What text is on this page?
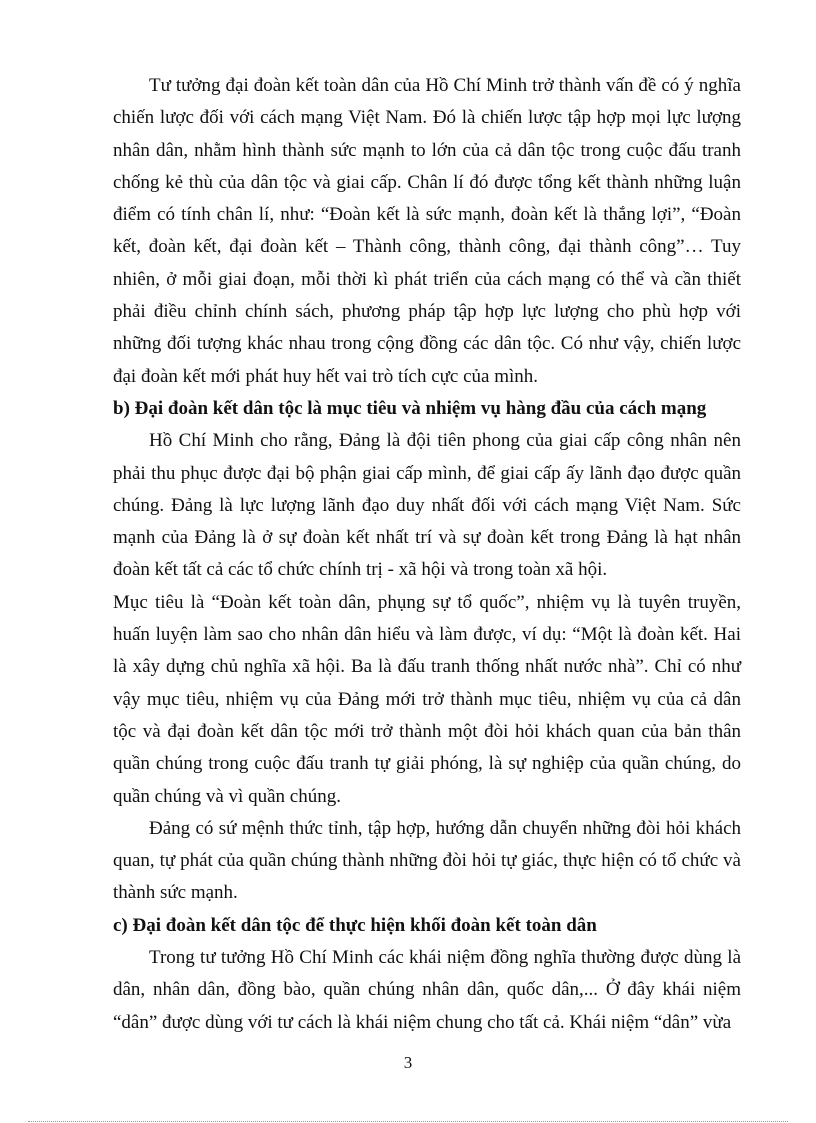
Tư tưởng đại đoàn kết toàn dân của Hồ Chí Minh trở thành vấn đề có ý nghĩa chiến lược đối với cách mạng Việt Nam. Đó là chiến lược tập hợp mọi lực lượng nhân dân, nhằm hình thành sức mạnh to lớn của cả dân tộc trong cuộc đấu tranh chống kẻ thù của dân tộc và giai cấp. Chân lí đó được tổng kết thành những luận điểm có tính chân lí, như: “Đoàn kết là sức mạnh, đoàn kết là thắng lợi”, “Đoàn kết, đoàn kết, đại đoàn kết – Thành công, thành công, đại thành công”… Tuy nhiên, ở mỗi giai đoạn, mỗi thời kì phát triển của cách mạng có thể và cần thiết phải điều chỉnh chính sách, phương pháp tập hợp lực lượng cho phù hợp với những đối tượng khác nhau trong cộng đồng các dân tộc. Có như vậy, chiến lược đại đoàn kết mới phát huy hết vai trò tích cực của mình.

b) Đại đoàn kết dân tộc là mục tiêu và nhiệm vụ hàng đầu của cách mạng

Hồ Chí Minh cho rằng, Đảng là đội tiên phong của giai cấp công nhân nên phải thu phục được đại bộ phận giai cấp mình, để giai cấp ấy lãnh đạo được quần chúng. Đảng là lực lượng lãnh đạo duy nhất đối với cách mạng Việt Nam. Sức mạnh của Đảng là ở sự đoàn kết nhất trí và sự đoàn kết trong Đảng là hạt nhân đoàn kết tất cả các tổ chức chính trị - xã hội và trong toàn xã hội.

Mục tiêu là “Đoàn kết toàn dân, phụng sự tổ quốc”, nhiệm vụ là tuyên truyền, huấn luyện làm sao cho nhân dân hiểu và làm được, ví dụ: “Một là đoàn kết. Hai là xây dựng chủ nghĩa xã hội. Ba là đấu tranh thống nhất nước nhà”. Chỉ có như vậy mục tiêu, nhiệm vụ của Đảng mới trở thành mục tiêu, nhiệm vụ của cả dân tộc và đại đoàn kết dân tộc mới trở thành một đòi hỏi khách quan của bản thân quần chúng trong cuộc đấu tranh tự giải phóng, là sự nghiệp của quần chúng, do quần chúng và vì quần chúng.

Đảng có sứ mệnh thức tỉnh, tập hợp, hướng dẫn chuyển những đòi hỏi khách quan, tự phát của quần chúng thành những đòi hỏi tự giác, thực hiện có tổ chức và thành sức mạnh.

c) Đại đoàn kết dân tộc để thực hiện khối đoàn kết toàn dân

Trong tư tưởng Hồ Chí Minh các khái niệm đồng nghĩa thường được dùng là dân, nhân dân, đồng bào, quần chúng nhân dân, quốc dân,... Ở đây khái niệm “dân” được dùng với tư cách là khái niệm chung cho tất cả. Khái niệm “dân” vừa

3
